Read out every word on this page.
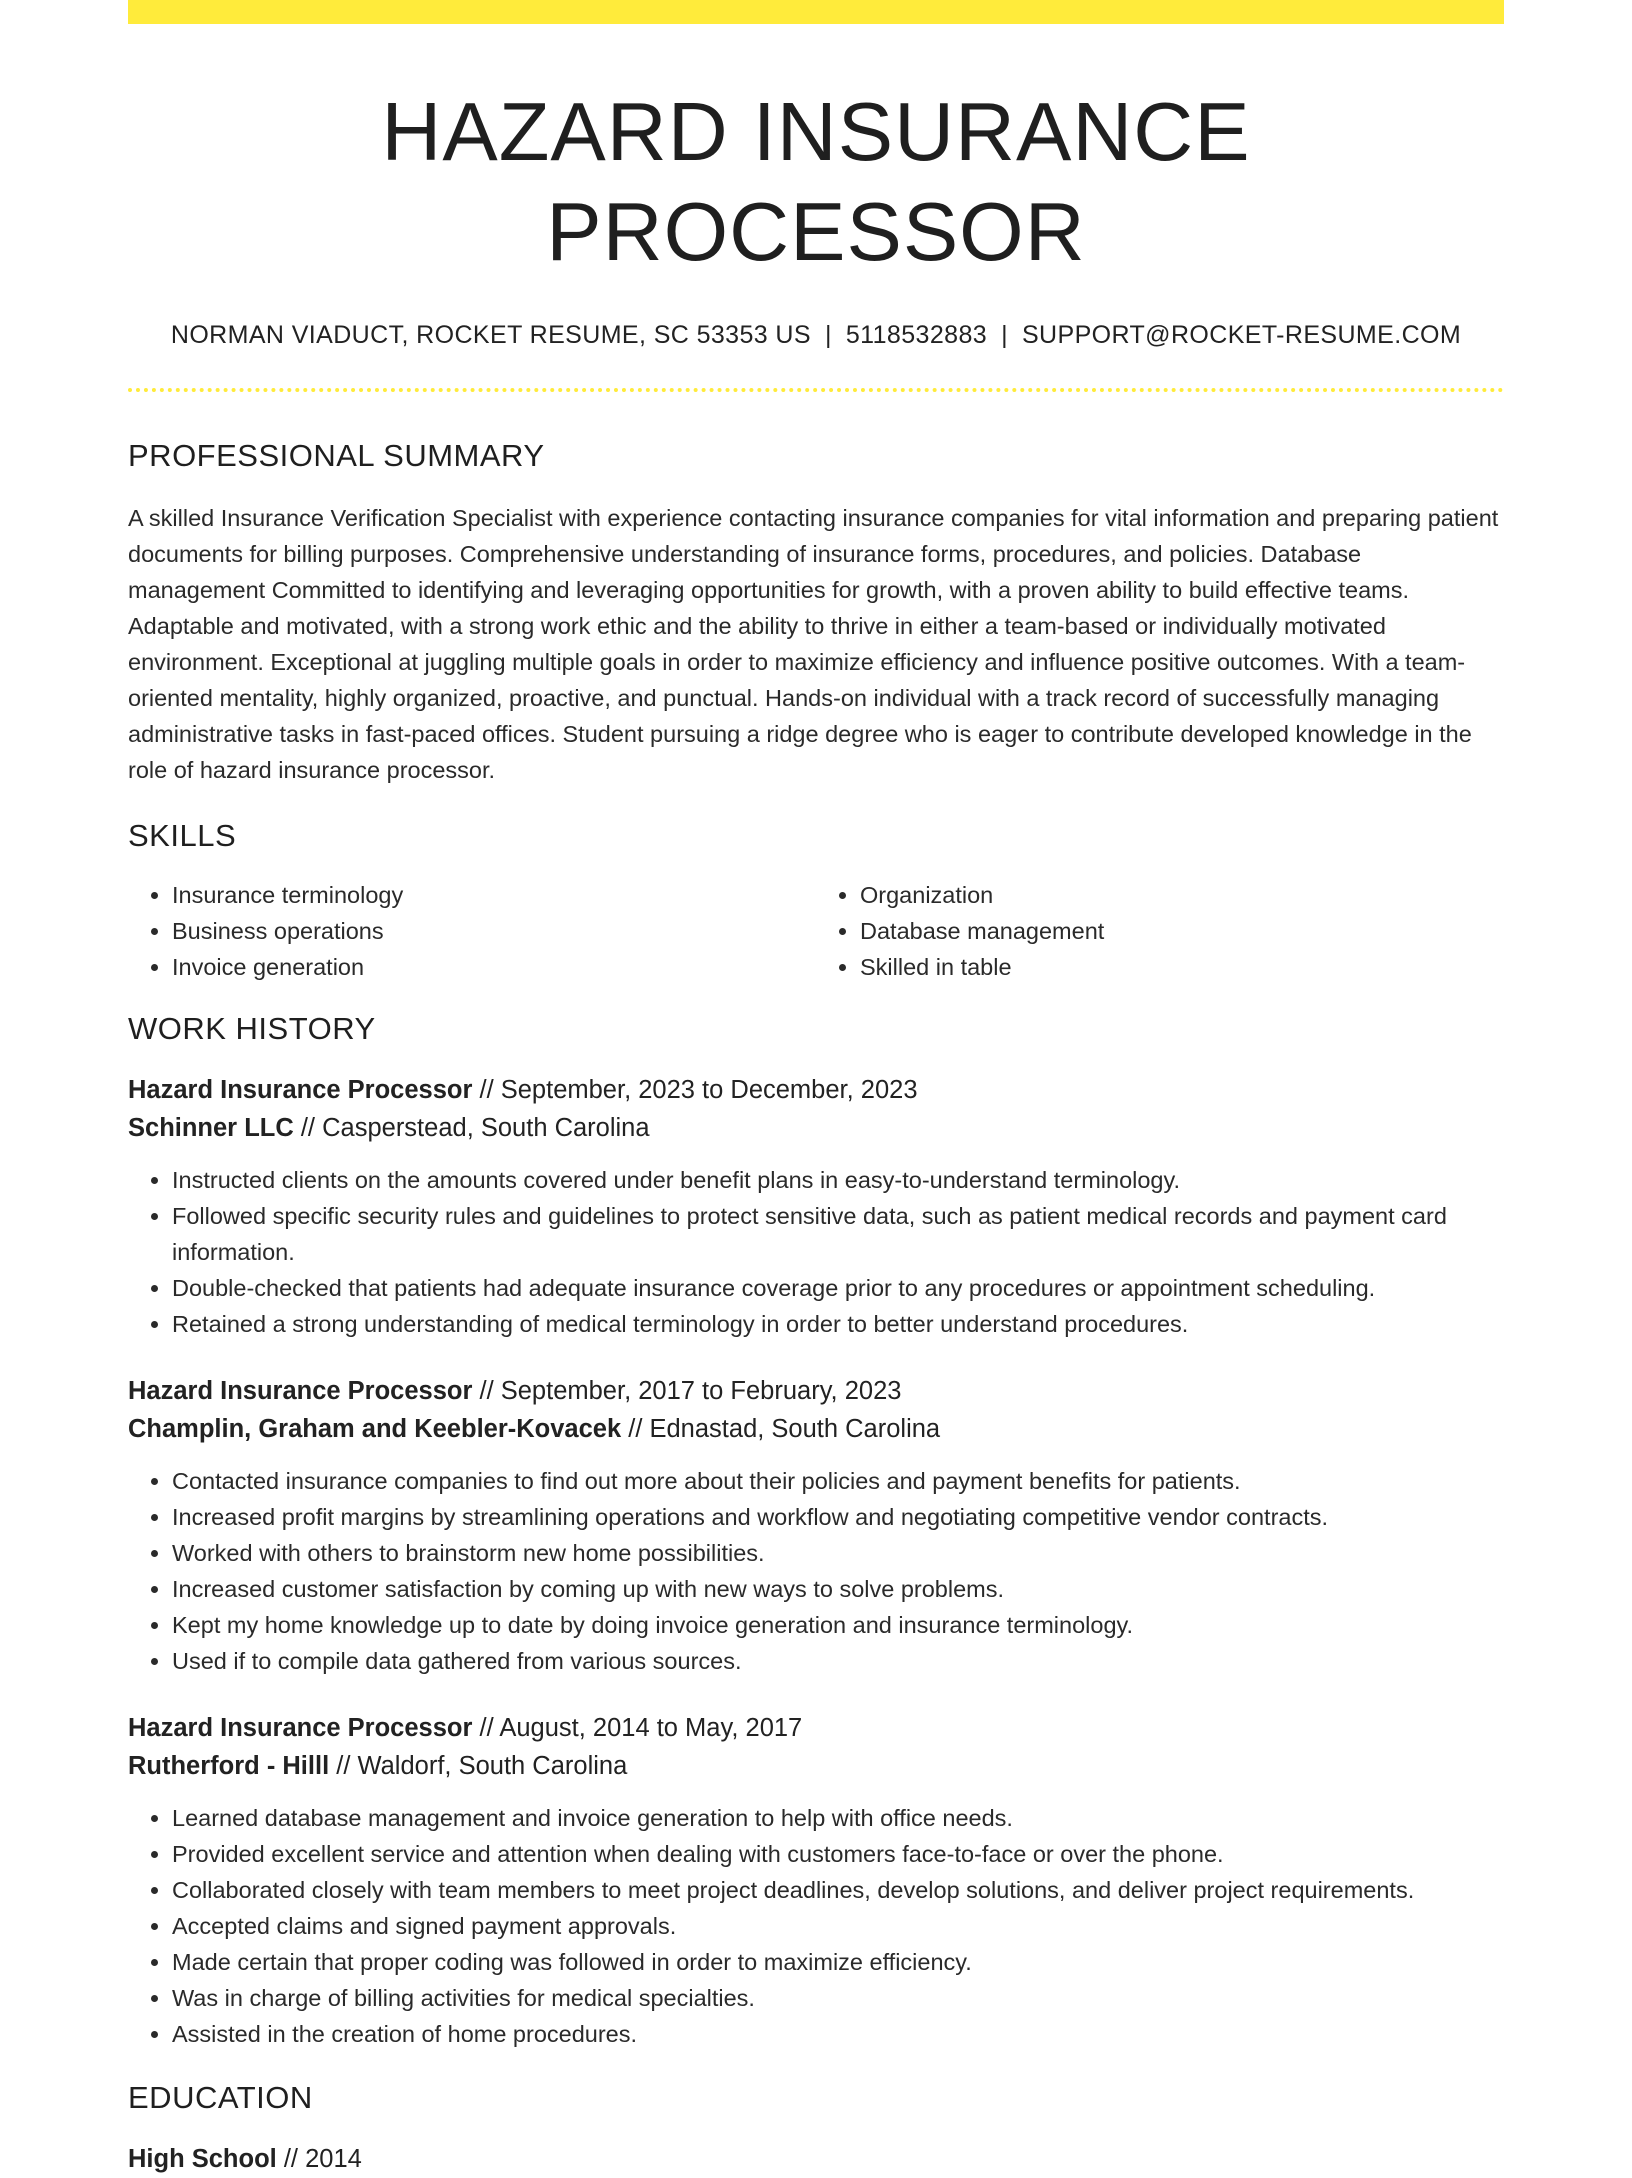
HAZARD INSURANCE PROCESSOR
NORMAN VIADUCT, ROCKET RESUME, SC 53353 US | 5118532883 | SUPPORT@ROCKET-RESUME.COM
PROFESSIONAL SUMMARY

A skilled Insurance Verification Specialist with experience contacting insurance companies for vital information and preparing patient documents for billing purposes. Comprehensive understanding of insurance forms, procedures, and policies. Database management Committed to identifying and leveraging opportunities for growth, with a proven ability to build effective teams. Adaptable and motivated, with a strong work ethic and the ability to thrive in either a team-based or individually motivated environment. Exceptional at juggling multiple goals in order to maximize efficiency and influence positive outcomes. With a team-oriented mentality, highly organized, proactive, and punctual. Hands-on individual with a track record of successfully managing administrative tasks in fast-paced offices. Student pursuing a ridge degree who is eager to contribute developed knowledge in the role of hazard insurance processor.

SKILLS
• Insurance terminology
• Business operations
• Invoice generation
• Organization
• Database management
• Skilled in table
WORK HISTORY
Hazard Insurance Processor // September, 2023 to December, 2023
Schinner LLC // Casperstead, South Carolina
• Instructed clients on the amounts covered under benefit plans in easy-to-understand terminology.
• Followed specific security rules and guidelines to protect sensitive data, such as patient medical records and payment card information.
• Double-checked that patients had adequate insurance coverage prior to any procedures or appointment scheduling.
• Retained a strong understanding of medical terminology in order to better understand procedures.
Hazard Insurance Processor // September, 2017 to February, 2023
Champlin, Graham and Keebler-Kovacek // Ednastad, South Carolina
• Contacted insurance companies to find out more about their policies and payment benefits for patients.
• Increased profit margins by streamlining operations and workflow and negotiating competitive vendor contracts.
• Worked with others to brainstorm new home possibilities.
• Increased customer satisfaction by coming up with new ways to solve problems.
• Kept my home knowledge up to date by doing invoice generation and insurance terminology.
• Used if to compile data gathered from various sources.
Hazard Insurance Processor // August, 2014 to May, 2017
Rutherford - Hilll // Waldorf, South Carolina
• Learned database management and invoice generation to help with office needs.
• Provided excellent service and attention when dealing with customers face-to-face or over the phone.
• Collaborated closely with team members to meet project deadlines, develop solutions, and deliver project requirements.
• Accepted claims and signed payment approvals.
• Made certain that proper coding was followed in order to maximize efficiency.
• Was in charge of billing activities for medical specialties.
• Assisted in the creation of home procedures.
EDUCATION
High School // 2014
